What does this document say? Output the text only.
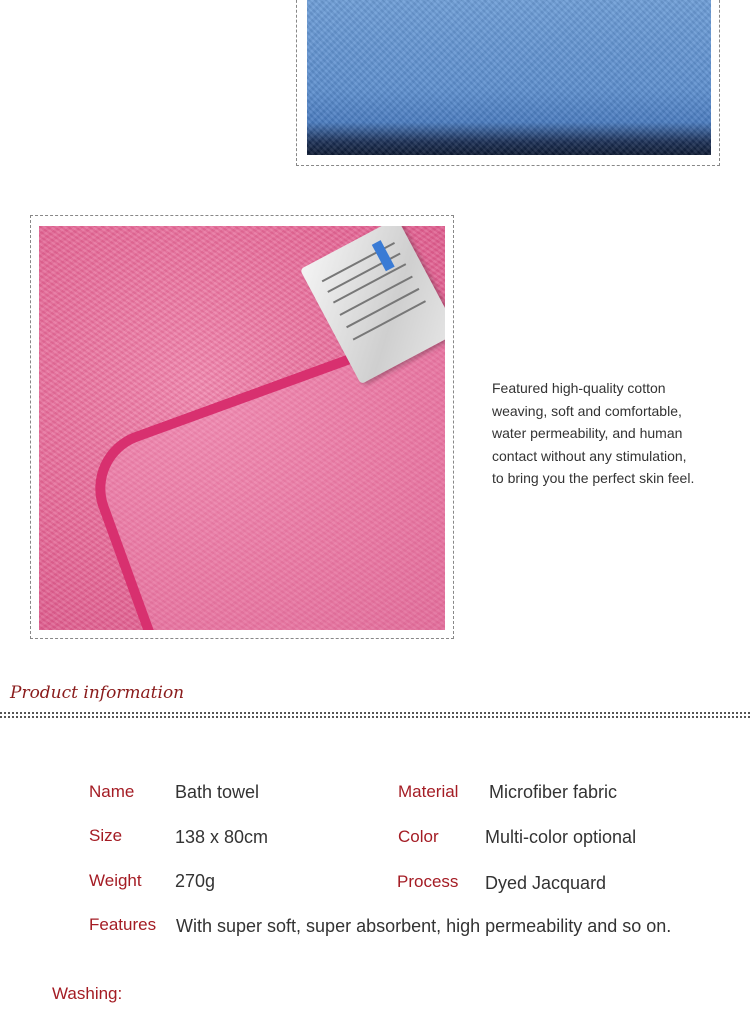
Featured high-quality cotton
weaving, soft and comfortable,
water permeability, and human
contact without any stimulation,
to bring you the perfect skin feel.
Product information
Name Bath towel	Material Microfiber fabric
Size	138 x 80cm	Color	Multi-color optional
Weight 270g	Process Dyed Jacquard
Features With super soft, super absorbent, high permeability and so on.
Washing:
